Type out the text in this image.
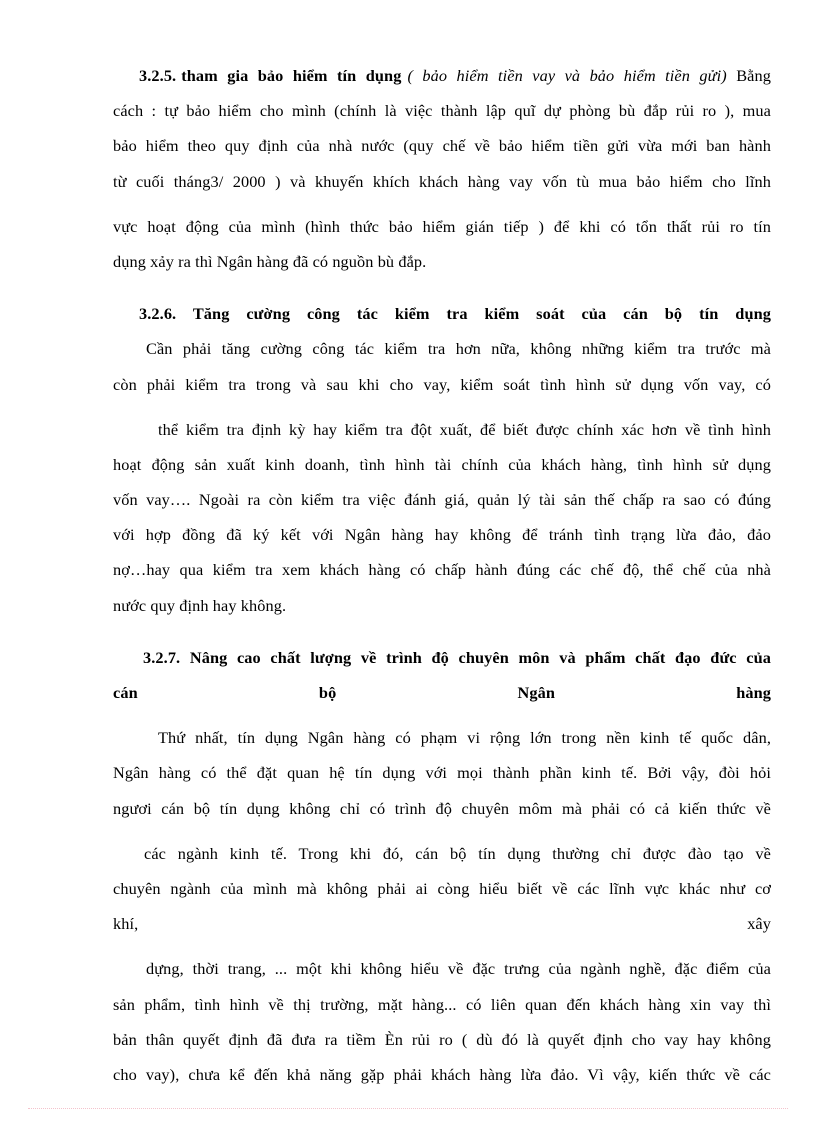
3.2.5. tham gia bảo hiểm tín dụng ( bảo hiểm tiền vay và bảo hiểm tiền gửi) Bằng
cách : tự bảo hiểm cho mình (chính là việc thành lập quĩ dự phòng bù đắp rủi ro ), mua
bảo hiểm theo quy định của nhà nước (quy chế về bảo hiểm tiền gửi vừa mới ban hành
từ cuối tháng3/ 2000 ) và khuyến khích khách hàng vay vốn tù mua bảo hiểm cho lĩnh
vực hoạt động của mình (hình thức bảo hiểm gián tiếp ) để khi có tổn thất rủi ro tín
dụng xảy ra thì Ngân hàng đã có nguồn bù đắp.
3.2.6. Tăng cường công tác kiểm tra kiểm soát của cán bộ tín dụng
Cần phải tăng cường công tác kiểm tra hơn nữa, không những kiểm tra trước mà
còn phải kiểm tra trong và sau khi cho vay, kiểm soát tình hình sử dụng vốn vay, có
thể kiểm tra định kỳ hay kiểm tra đột xuất, để biết được chính xác hơn về tình hình
hoạt động sản xuất kinh doanh, tình hình tài chính của khách hàng, tình hình sử dụng
vốn vay…. Ngoài ra còn kiểm tra việc đánh giá, quản lý tài sản thế chấp ra sao có đúng
với hợp đồng đã ký kết với Ngân hàng hay không để tránh tình trạng lừa đảo, đảo
nợ…hay qua kiểm tra xem khách hàng có chấp hành đúng các chế độ, thể chế của nhà
nước quy định hay không.
3.2.7. Nâng cao chất lượng về trình độ chuyên môn và phẩm chất đạo đức của
cán	bộ	Ngân	hàng
Thứ nhất, tín dụng Ngân hàng có phạm vi rộng lớn trong nền kinh tế quốc dân,
Ngân hàng có thể đặt quan hệ tín dụng với mọi thành phần kinh tế. Bởi vậy, đòi hỏi
ngươi cán bộ tín dụng không chỉ có trình độ chuyên môm mà phải có cả kiến thức về
các ngành kinh tế. Trong khi đó, cán bộ tín dụng thường chỉ được đào tạo về
chuyên ngành của mình mà không phải ai còng hiểu biết về các lĩnh vực khác như cơ
khí,	xây
dựng, thời trang, ... một khi không hiểu về đặc trưng của ngành nghề, đặc điểm của
sản phẩm, tình hình về thị trường, mặt hàng... có liên quan đến khách hàng xin vay thì
bản thân quyết định đã đưa ra tiềm Èn rủi ro ( dù đó là quyết định cho vay hay không
cho vay), chưa kể đến khả năng gặp phải khách hàng lừa đảo. Vì vậy, kiến thức về các
